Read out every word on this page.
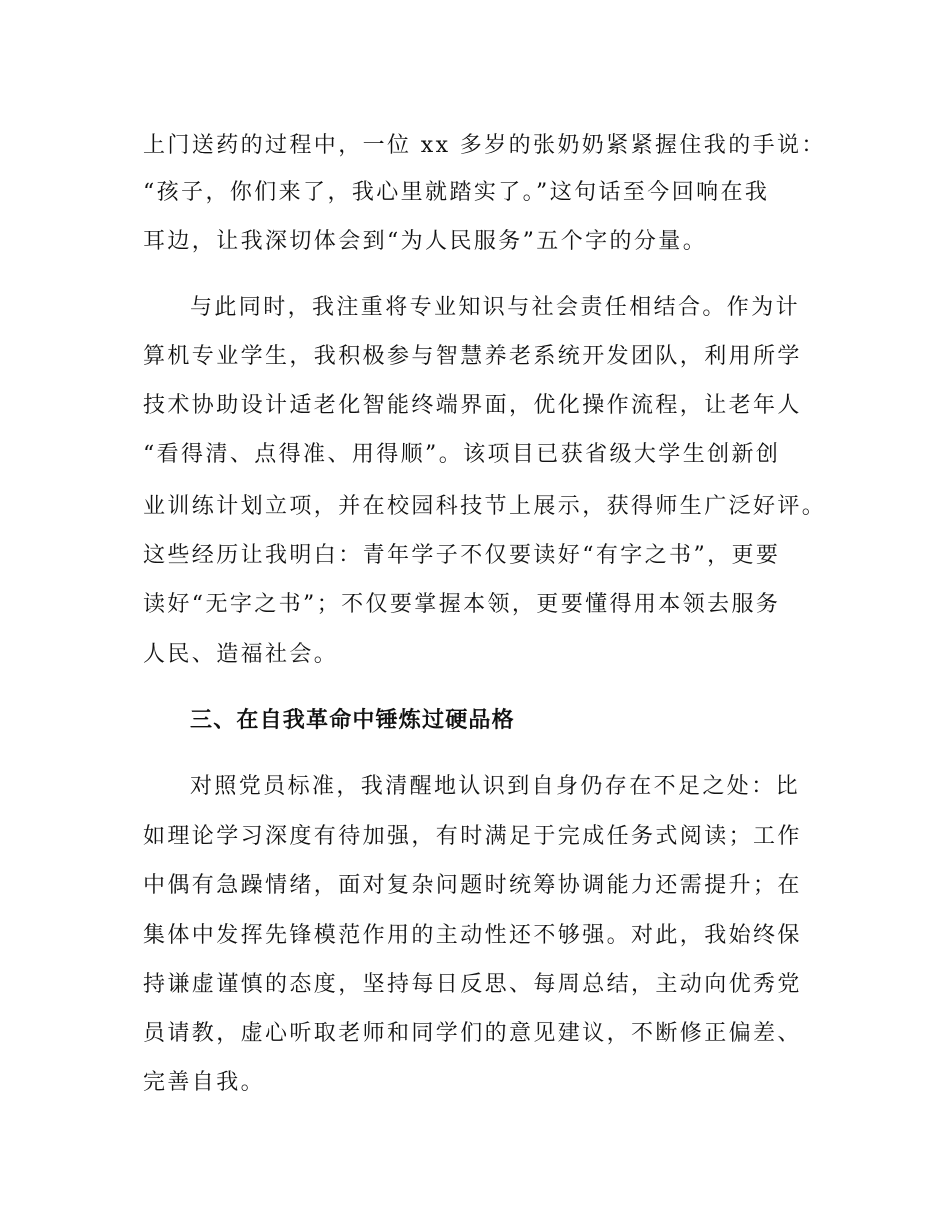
上门送药的过程中，一位 xx 多岁的张奶奶紧紧握住我的手说：
“孩子，你们来了，我心里就踏实了。”这句话至今回响在我
耳边，让我深切体会到“为人民服务”五个字的分量。
与此同时，我注重将专业知识与社会责任相结合。作为计
算机专业学生，我积极参与智慧养老系统开发团队，利用所学
技术协助设计适老化智能终端界面，优化操作流程，让老年人
“看得清、点得准、用得顺”。该项目已获省级大学生创新创
业训练计划立项，并在校园科技节上展示，获得师生广泛好评。
这些经历让我明白：青年学子不仅要读好“有字之书”，更要
读好“无字之书”；不仅要掌握本领，更要懂得用本领去服务
人民、造福社会。
三、在自我革命中锤炼过硬品格
对照党员标准，我清醒地认识到自身仍存在不足之处：比
如理论学习深度有待加强，有时满足于完成任务式阅读；工作
中偶有急躁情绪，面对复杂问题时统筹协调能力还需提升；在
集体中发挥先锋模范作用的主动性还不够强。对此，我始终保
持谦虚谨慎的态度，坚持每日反思、每周总结，主动向优秀党
员请教，虚心听取老师和同学们的意见建议，不断修正偏差、
完善自我。
